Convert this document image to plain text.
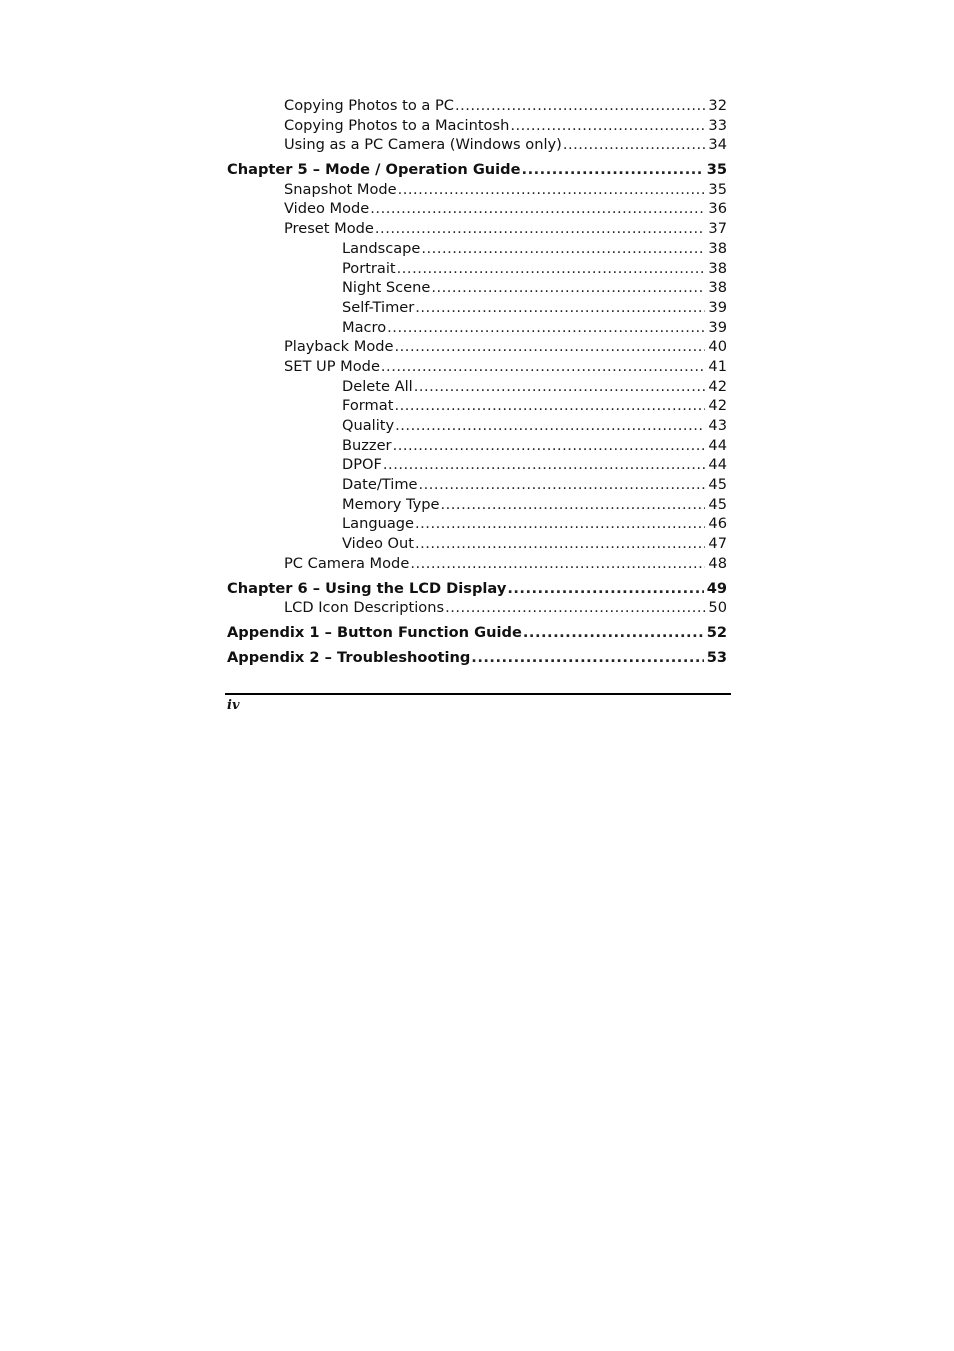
Copying Photos to a PC .....	32
Copying Photos to a Macintosh .....	33
Using as a PC Camera (Windows only) .....	34
Chapter 5 – Mode / Operation Guide .....	35
Snapshot Mode .....	35
Video Mode .....	36
Preset Mode .....	37
Landscape .....	38
Portrait .....	38
Night Scene .....	38
Self-Timer .....	39
Macro .....	39
Playback Mode .....	40
SET UP Mode .....	41
Delete All .....	42
Format .....	42
Quality .....	43
Buzzer .....	44
DPOF .....	44
Date/Time .....	45
Memory Type .....	45
Language .....	46
Video Out .....	47
PC Camera Mode .....	48
Chapter 6 – Using the LCD Display .....	49
LCD Icon Descriptions .....	50
Appendix 1 – Button Function Guide .....	52
Appendix 2 – Troubleshooting .....	53
iv
